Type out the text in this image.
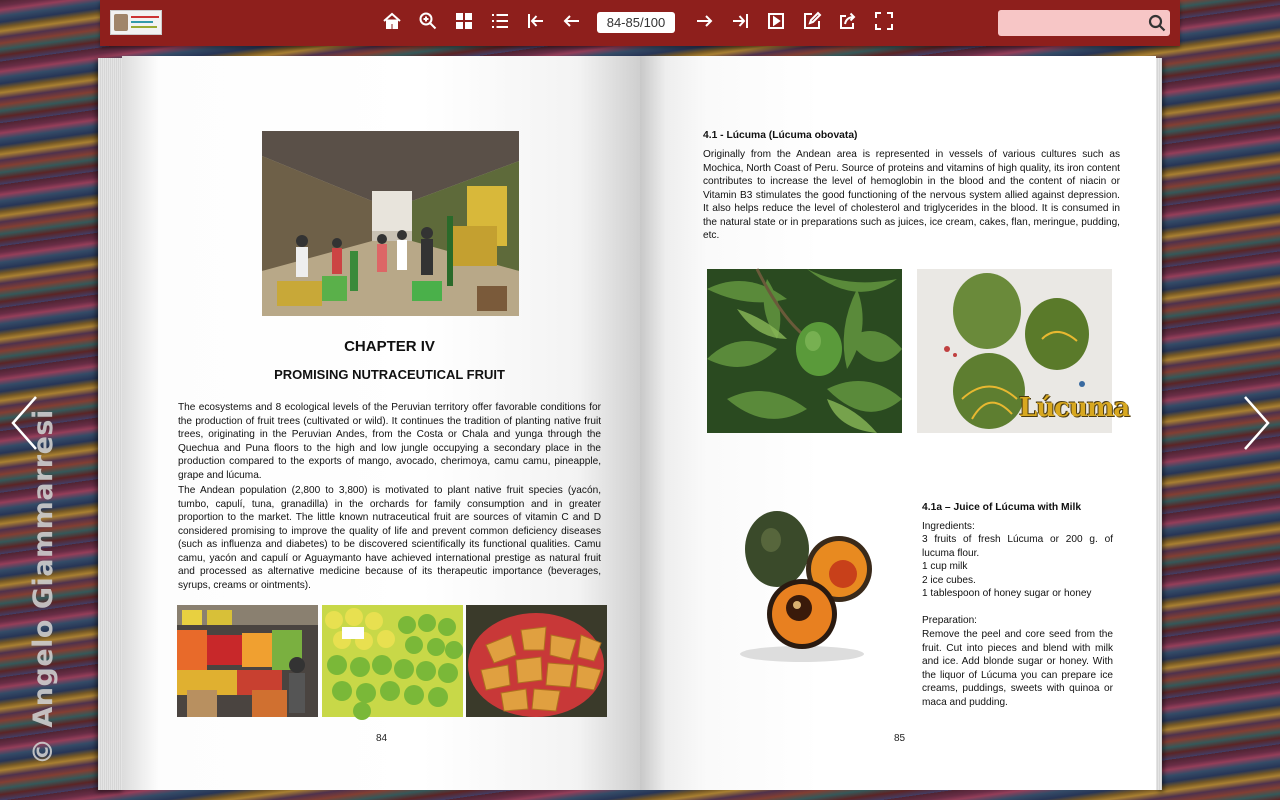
© Angelo Giammarresi
84-85/100
CHAPTER IV
PROMISING NUTRACEUTICAL FRUIT
The ecosystems and 8 ecological levels of the Peruvian territory offer favorable conditions for the production of fruit trees (cultivated or wild). It continues the tradition of planting native fruit trees, originating in the Peruvian Andes, from the Costa or Chala and yunga through the Quechua and Puna floors to the high and low jungle occupying a secondary place in the production compared to the exports of mango, avocado, cherimoya, camu camu, pineapple, grape and lúcuma.
The Andean population (2,800 to 3,800) is motivated to plant native fruit species (yacón, tumbo, capulí, tuna, granadilla) in the orchards for family consumption and in greater proportion to the market. The little known nutraceutical fruit are sources of vitamin C and D considered promising to improve the quality of life and prevent common deficiency diseases (such as influenza and diabetes) to be discovered scientifically its functional qualities. Camu camu, yacón and capulí or Aguaymanto have achieved international prestige as natural fruit and processed as alternative medicine because of its therapeutic importance (beverages, syrups, creams or ointments).
84
4.1 - Lúcuma (Lúcuma obovata)
Originally from the Andean area is represented in vessels of various cultures such as Mochica, North Coast of Peru. Source of proteins and vitamins of high quality, its iron content contributes to increase the level of hemoglobin in the blood and the content of niacin or Vitamin B3 stimulates the good functioning of the nervous system allied against depression. It also helps reduce the level of cholesterol and triglycerides in the blood. It is consumed in the natural state or in preparations such as juices, ice cream, cakes, flan, meringue, pudding, etc.
Lúcuma
4.1a – Juice of Lúcuma with Milk
Ingredients:
3 fruits of fresh Lúcuma or 200 g. of lucuma flour.
1 cup milk
2 ice cubes.
1 tablespoon of honey sugar or honey
Preparation:
Remove the peel and core seed from the fruit. Cut into pieces and blend with milk and ice. Add blonde sugar or honey. With the liquor of Lúcuma you can prepare ice creams, puddings, sweets with quinoa or maca and pudding.
85
